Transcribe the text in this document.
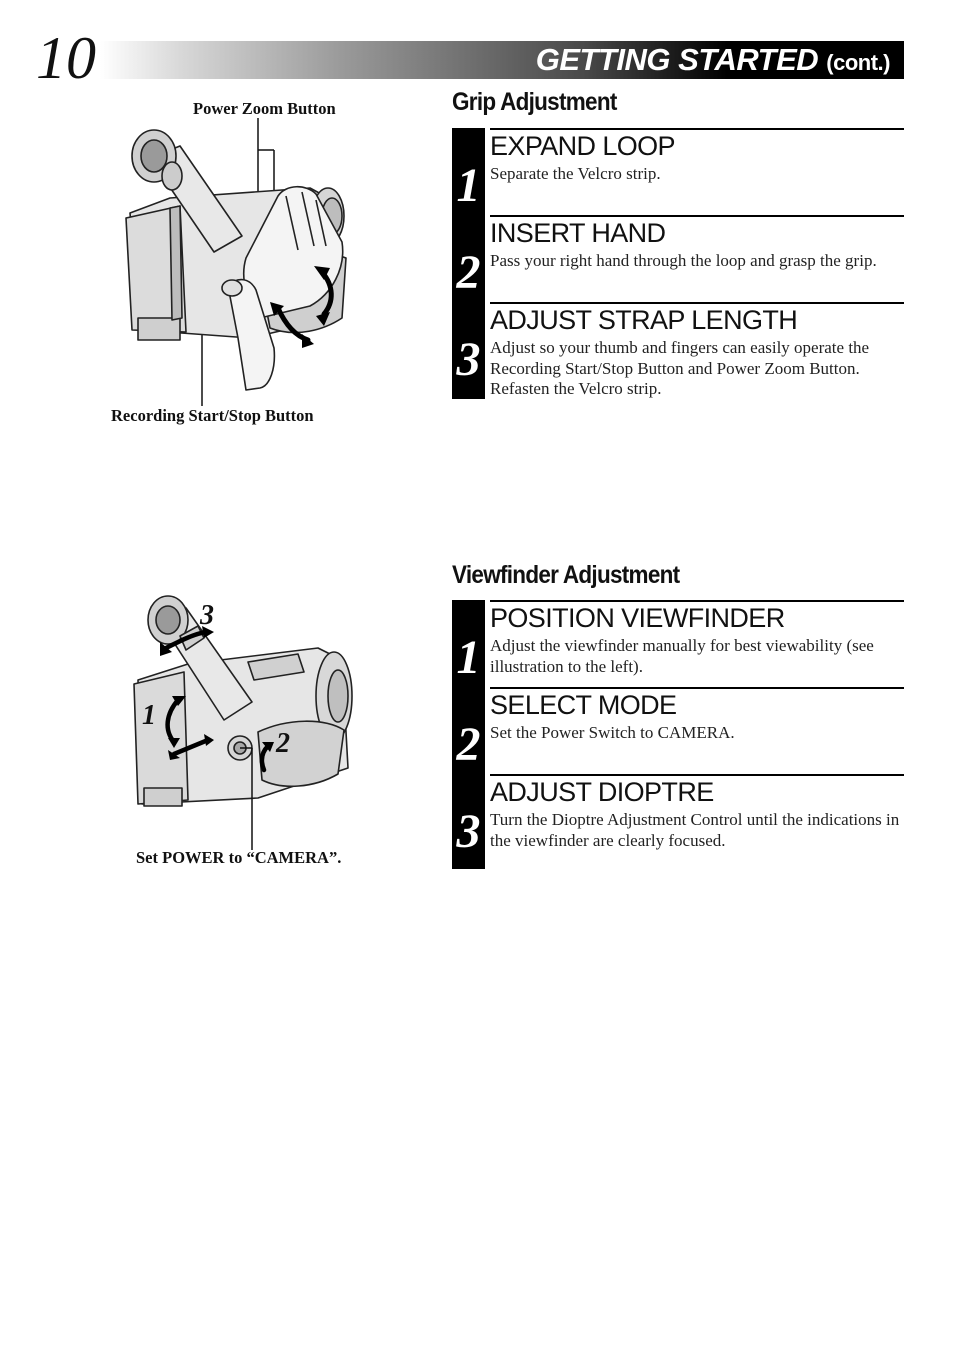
10	GETTING STARTED (cont.)
Grip Adjustment
1
EXPAND LOOP
Separate the Velcro strip.
2
INSERT HAND
Pass your right hand through the loop and grasp the grip.
3
ADJUST STRAP LENGTH
Adjust so your thumb and fingers can easily operate the Recording Start/Stop Button and Power Zoom Button. Refasten the Velcro strip.
Power Zoom Button
Recording Start/Stop Button
Viewfinder Adjustment
1
POSITION VIEWFINDER
Adjust the viewfinder manually for best viewability (see illustration to the left).
2
SELECT MODE
Set the Power Switch to CAMERA.
3
ADJUST DIOPTRE
Turn the Dioptre Adjustment Control until the indications in the viewfinder are clearly focused.
3
1
2
Set POWER to “CAMERA”.
